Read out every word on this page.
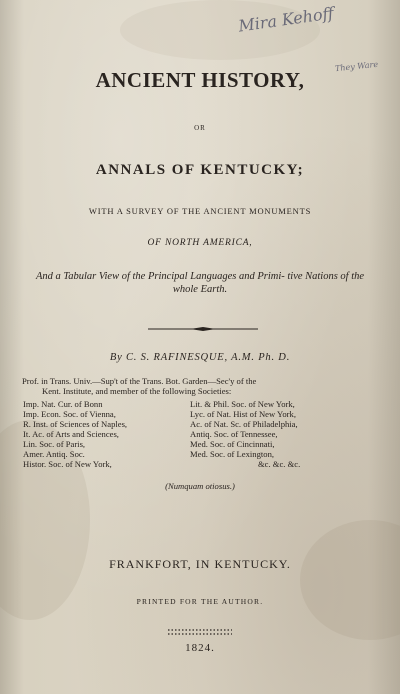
Mira Kehoff
They Ware
ANCIENT HISTORY,
OR
ANNALS OF KENTUCKY;
WITH A SURVEY OF THE ANCIENT MONUMENTS
OF NORTH AMERICA,
And a Tabular View of the Principal Languages and Primi- tive Nations of the whole Earth.
By C. S. RAFINESQUE, A.M. Ph. D.
Prof. in Trans. Univ.—Sup't of the Trans. Bot. Garden—Sec'y of the
Kent. Institute, and member of the following Societies:
Imp. Nat. Cur. of Bonn
Imp. Econ. Soc. of Vienna,
R. Inst. of Sciences of Naples,
It. Ac. of Arts and Sciences,
Lin. Soc. of Paris,
Amer. Antiq. Soc.
Histor. Soc. of New York,
Lit. & Phil. Soc. of New York,
Lyc. of Nat. Hist of New York,
Ac. of Nat. Sc. of Philadelphia,
Antiq. Soc. of Tennessee,
Med. Soc. of Cincinnati,
Med. Soc. of Lexington,
&c. &c. &c.
(Numquam otiosus.)
FRANKFORT, IN KENTUCKY.
PRINTED FOR THE AUTHOR.
1824.
